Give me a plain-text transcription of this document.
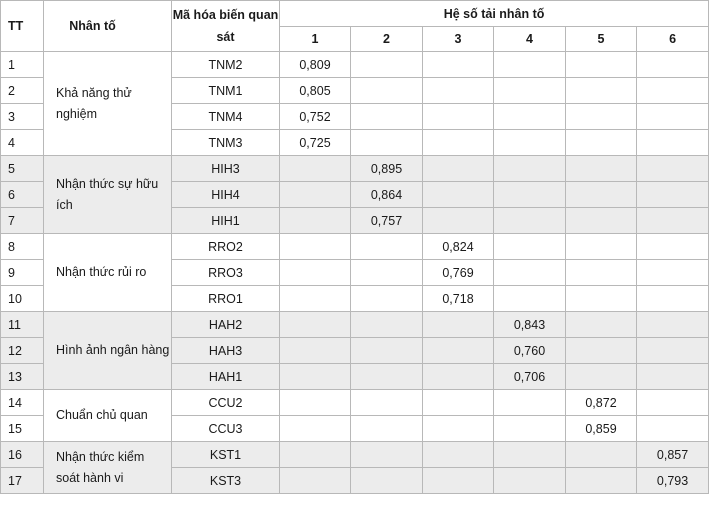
TT	Nhân tố	Mã hóa biến quan sát	Hệ số tải nhân tố					
			1	2	3	4	5	6
1	Khả năng thử nghiệm	TNM2	0,809					
2		TNM1	0,805					
3		TNM4	0,752					
4		TNM3	0,725					
5	Nhận thức sự hữu ích	HIH3		0,895				
6		HIH4		0,864				
7		HIH1		0,757				
8	Nhận thức rủi ro	RRO2			0,824			
9		RRO3			0,769			
10		RRO1			0,718			
11	Hình ảnh ngân hàng	HAH2				0,843		
12		HAH3				0,760		
13		HAH1				0,706		
14	Chuẩn chủ quan	CCU2					0,872	
15		CCU3					0,859	
16	Nhận thức kiểm soát hành vi	KST1						0,857
17		KST3						0,793
